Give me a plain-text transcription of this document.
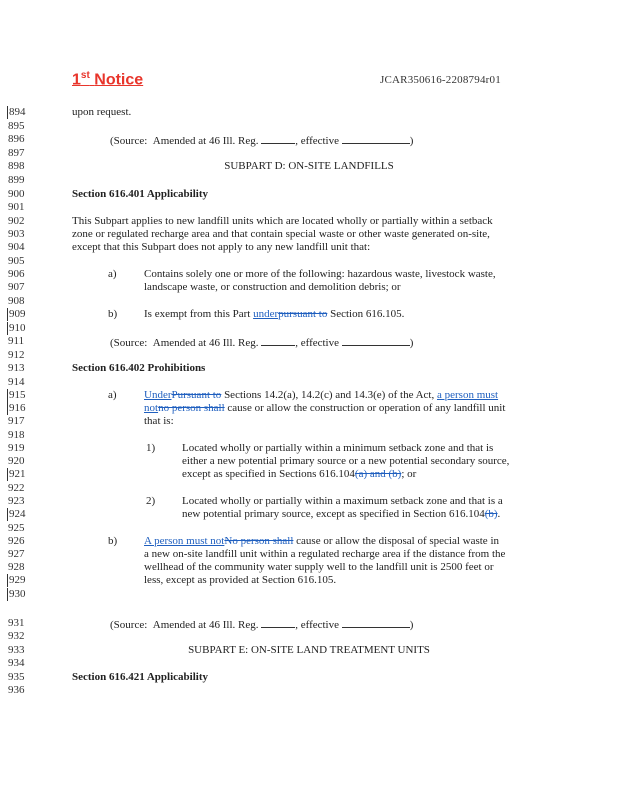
1st Notice	JCAR350616-2208794r01
894
895
896
897
898
899
900
901
902
903
904
905
906
907
908
909
910
911
912
913
914
915
916
917
918
919
920
921
922
923
924
925
926
927
928
929
930
931
932
933
934
935
936
upon request.
(Source: Amended at 46 Ill. Reg.	, effective	)
SUBPART D: ON-SITE LANDFILLS
Section 616.401 Applicability
This Subpart applies to new landfill units which are located wholly or partially within a setback
zone or regulated recharge area and that contain special waste or other waste generated on-site,
except that this Subpart does not apply to any new landfill unit that:
a) Contains solely one or more of the following: hazardous waste, livestock waste,
landscape waste, or construction and demolition debris; or
b) Is exempt from this Part underpursuant to Section 616.105.
(Source: Amended at 46 Ill. Reg.	, effective	)
Section 616.402 Prohibitions
a) UnderPursuant to Sections 14.2(a), 14.2(c) and 14.3(e) of the Act, a person must
notno person shall cause or allow the construction or operation of any landfill unit
that is:
1) Located wholly or partially within a minimum setback zone and that is
either a new potential primary source or a new potential secondary source,
except as specified in Sections 616.104(a) and (b); or
2) Located wholly or partially within a maximum setback zone and that is a
new potential primary source, except as specified in Section 616.104(b).
b) A person must notNo person shall cause or allow the disposal of special waste in
a new on-site landfill unit within a regulated recharge area if the distance from the
wellhead of the community water supply well to the landfill unit is 2500 feet or
less, except as provided at Section 616.105.
(Source: Amended at 46 Ill. Reg.	, effective	)
SUBPART E: ON-SITE LAND TREATMENT UNITS
Section 616.421 Applicability
